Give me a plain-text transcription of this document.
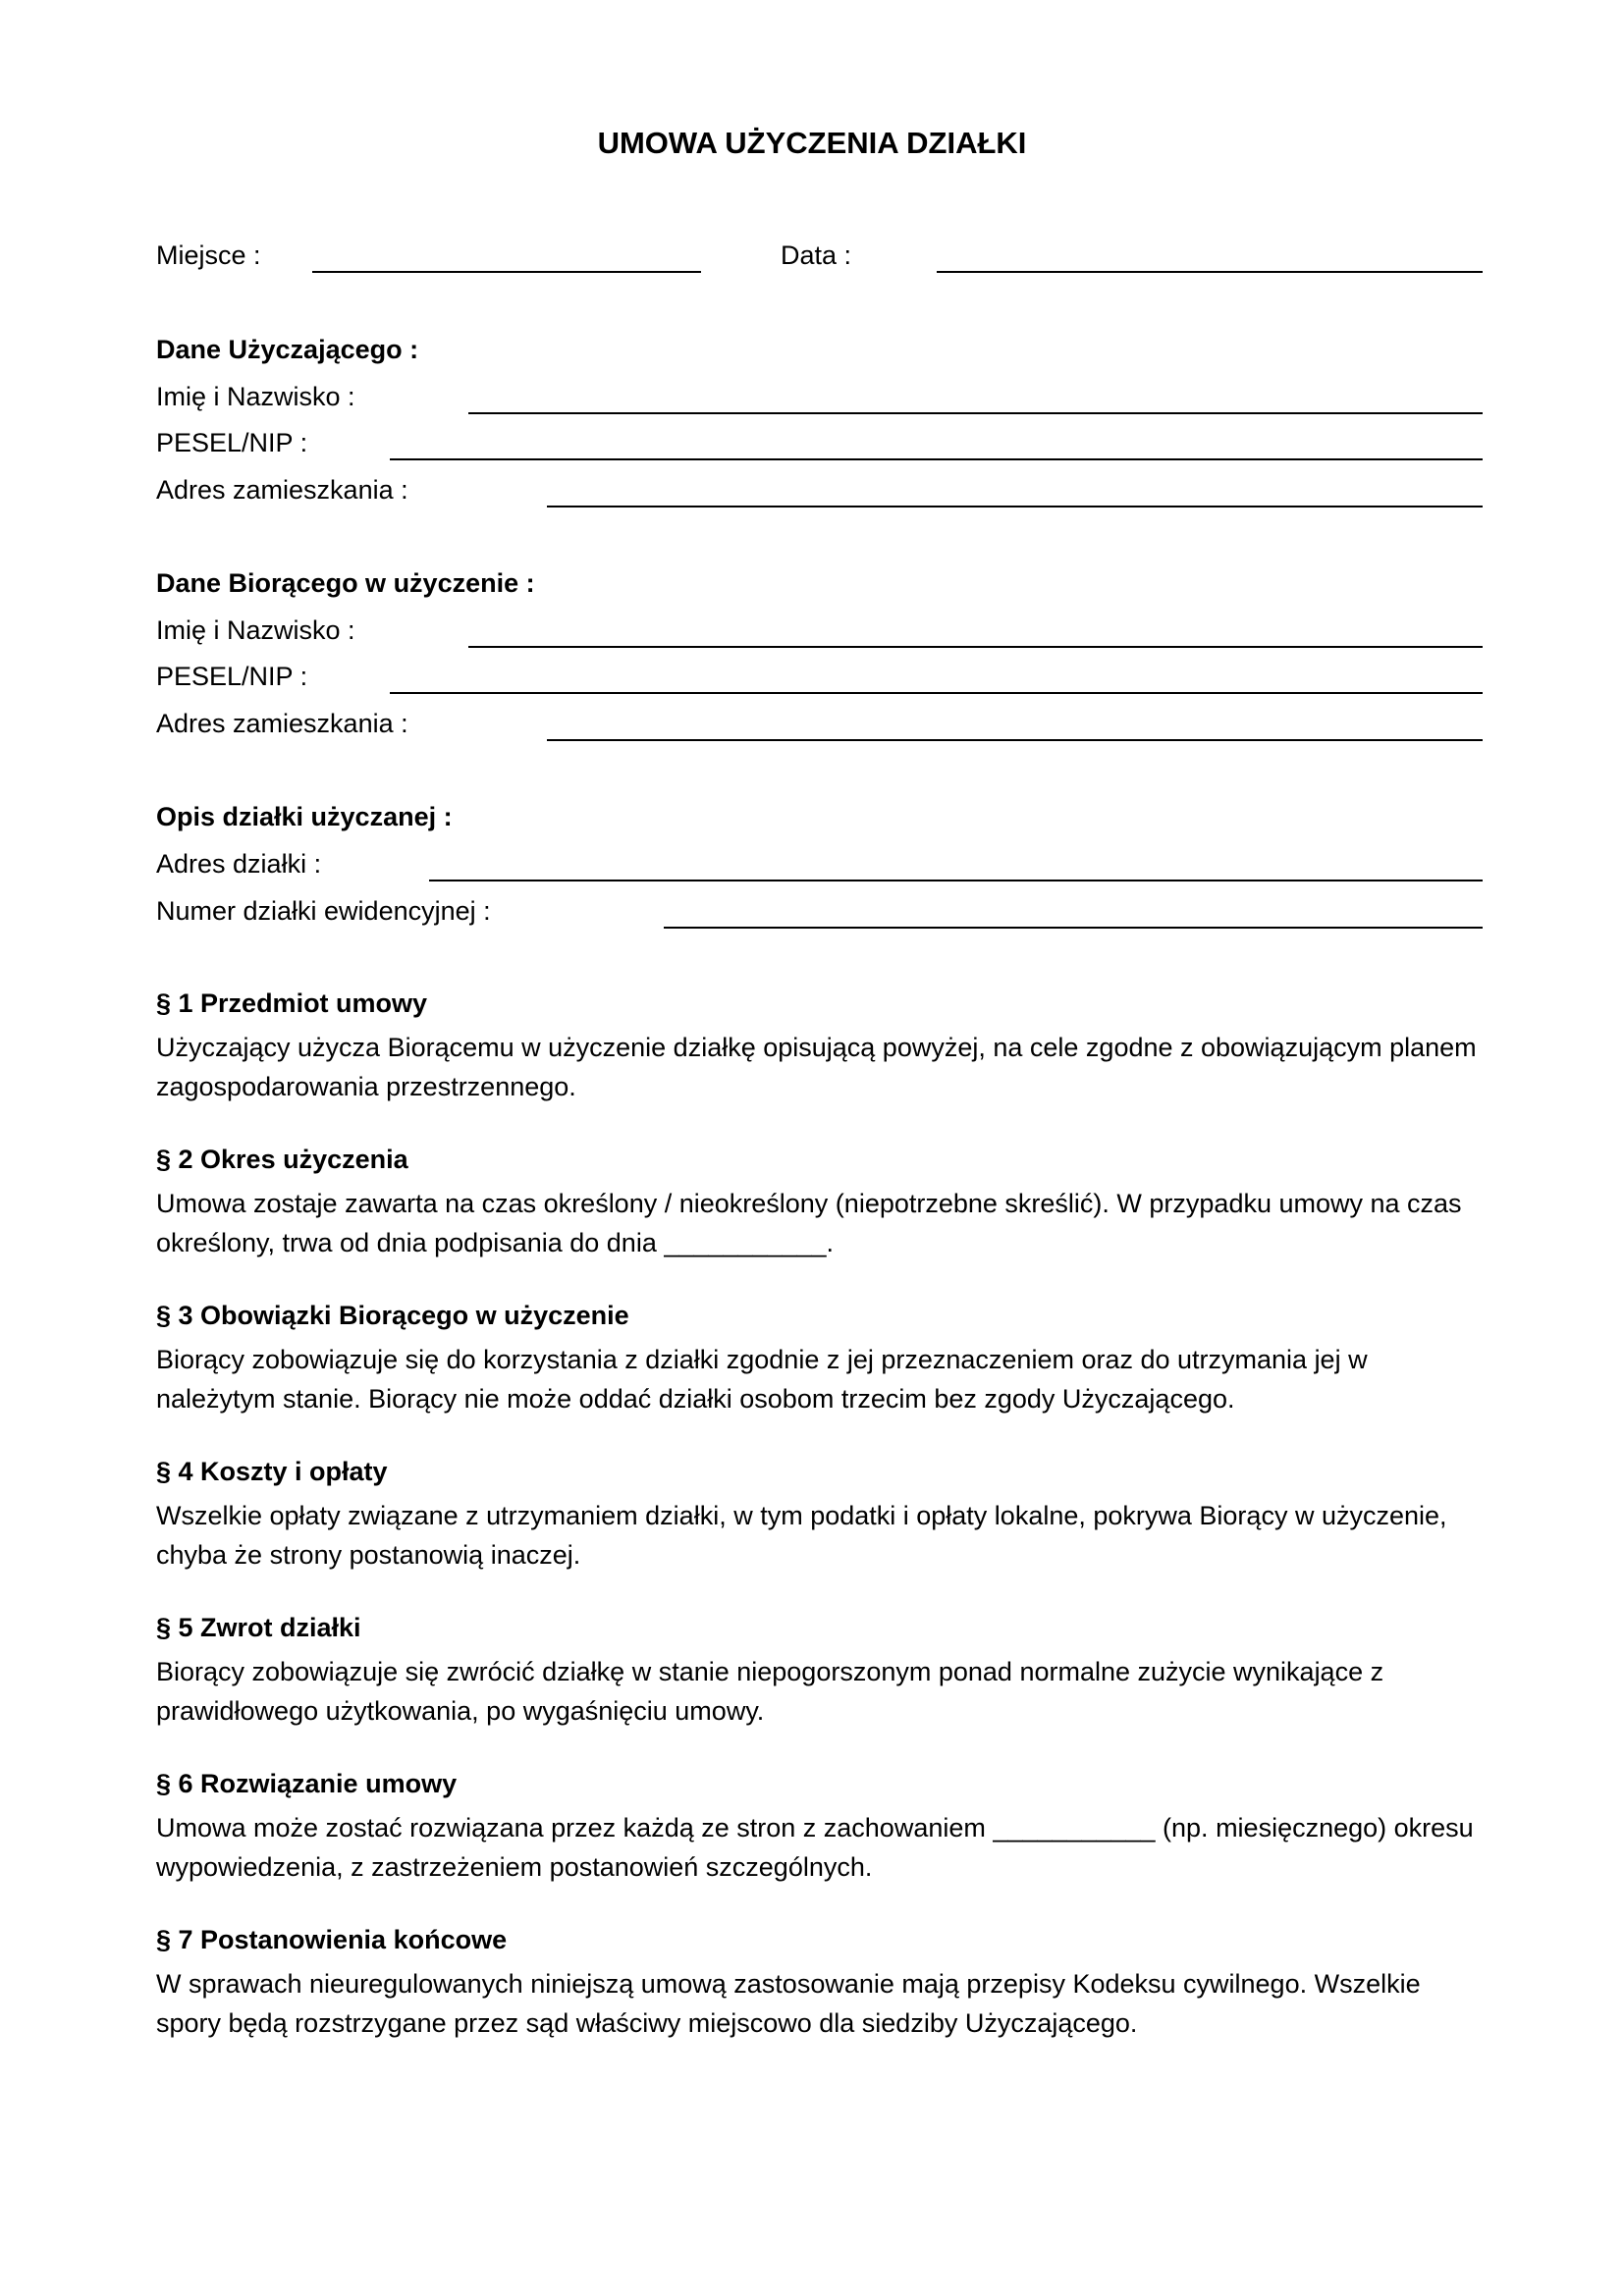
UMOWA UŻYCZENIA DZIAŁKI
Miejsce :	Data :
Dane Użyczającego :
Imię i Nazwisko :
PESEL/NIP :
Adres zamieszkania :
Dane Biorącego w użyczenie :
Imię i Nazwisko :
PESEL/NIP :
Adres zamieszkania :
Opis działki użyczanej :
Adres działki :
Numer działki ewidencyjnej :
§ 1 Przedmiot umowy
Użyczający użycza Biorącemu w użyczenie działkę opisującą powyżej, na cele zgodne z obowiązującym planem zagospodarowania przestrzennego.
§ 2 Okres użyczenia
Umowa zostaje zawarta na czas określony / nieokreślony (niepotrzebne skreślić). W przypadku umowy na czas określony, trwa od dnia podpisania do dnia ___________.
§ 3 Obowiązki Biorącego w użyczenie
Biorący zobowiązuje się do korzystania z działki zgodnie z jej przeznaczeniem oraz do utrzymania jej w należytym stanie. Biorący nie może oddać działki osobom trzecim bez zgody Użyczającego.
§ 4 Koszty i opłaty
Wszelkie opłaty związane z utrzymaniem działki, w tym podatki i opłaty lokalne, pokrywa Biorący w użyczenie, chyba że strony postanowią inaczej.
§ 5 Zwrot działki
Biorący zobowiązuje się zwrócić działkę w stanie niepogorszonym ponad normalne zużycie wynikające z prawidłowego użytkowania, po wygaśnięciu umowy.
§ 6 Rozwiązanie umowy
Umowa może zostać rozwiązana przez każdą ze stron z zachowaniem ___________ (np. miesięcznego) okresu wypowiedzenia, z zastrzeżeniem postanowień szczególnych.
§ 7 Postanowienia końcowe
W sprawach nieuregulowanych niniejszą umową zastosowanie mają przepisy Kodeksu cywilnego. Wszelkie spory będą rozstrzygane przez sąd właściwy miejscowo dla siedziby Użyczającego.
